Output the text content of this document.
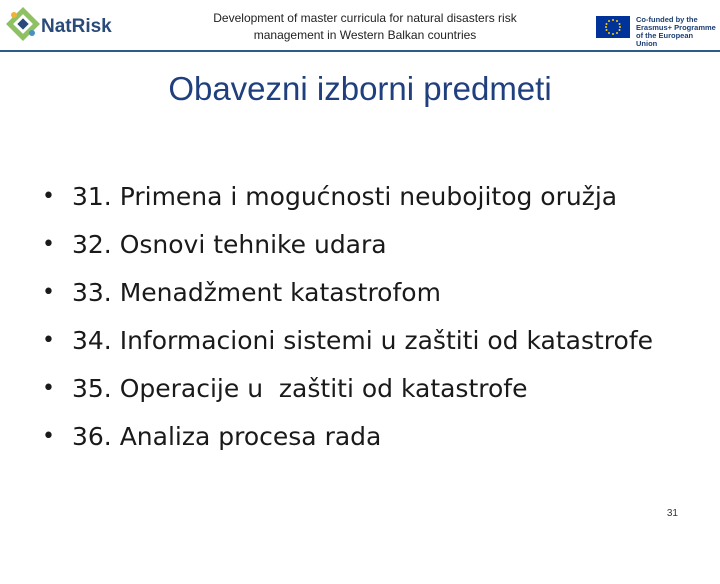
NatRisk	Development of master curricula for natural disasters risk
management in Western Balkan countries
Co-funded by the
Erasmus+ Programme
of the European Union
Obavezni izborni predmeti

•

31. Primena i mogućnosti neubojitog oružja

•

32. Osnovi tehnike udara

•

33. Menadžment katastrofom

•

34. Informacioni sistemi u zaštiti od katastrofe

•

35. Operacije u  zaštiti od katastrofe

•

36. Analiza procesa rada

31
